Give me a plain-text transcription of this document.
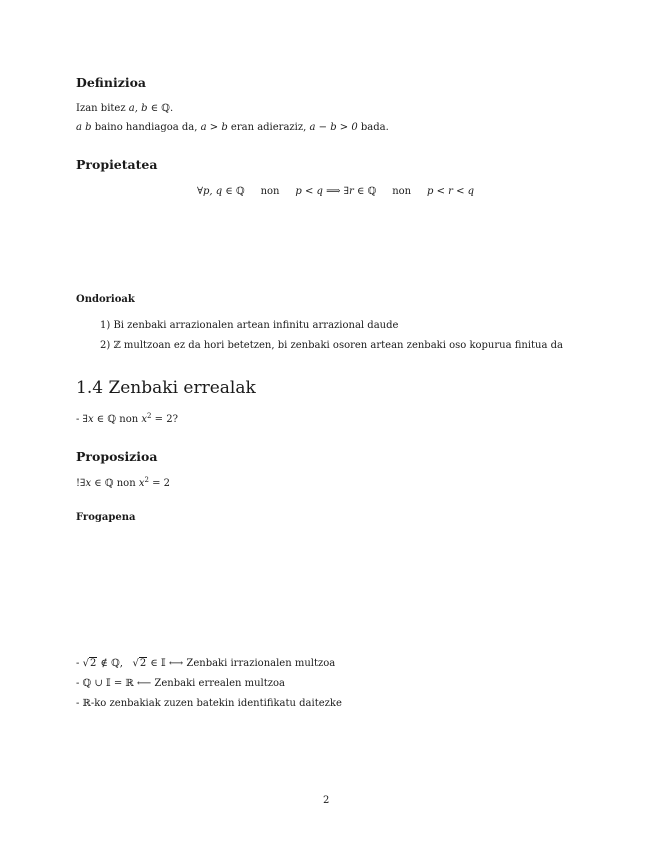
Definizioa
Izan bitez a, b ∈ ℚ.
a b baino handiagoa da, a > b eran adieraziz, a − b > 0 bada.
Propietatea
∀p, q ∈ ℚ     non     p < q ⟹ ∃r ∈ ℚ     non     p < r < q
Ondorioak
1) Bi zenbaki arrazionalen artean infinitu arrazional daude
2) ℤ multzoan ez da hori betetzen, bi zenbaki osoren artean zenbaki oso kopurua finitua da
1.4 Zenbaki errealak
- ∃x ∈ ℚ non $x^2 = 2$?
Proposizioa
!∃x ∈ ℚ non $x^2 = 2$
Frogapena
- √2 ∉ ℚ,   √2 ∈ 𝕀 ⟷ Zenbaki irrazionalen multzoa
- ℚ ∪ 𝕀 = ℝ ⟵ Zenbaki errealen multzoa
- ℝ-ko zenbakiak zuzen batekin identifikatu daitezke
2
